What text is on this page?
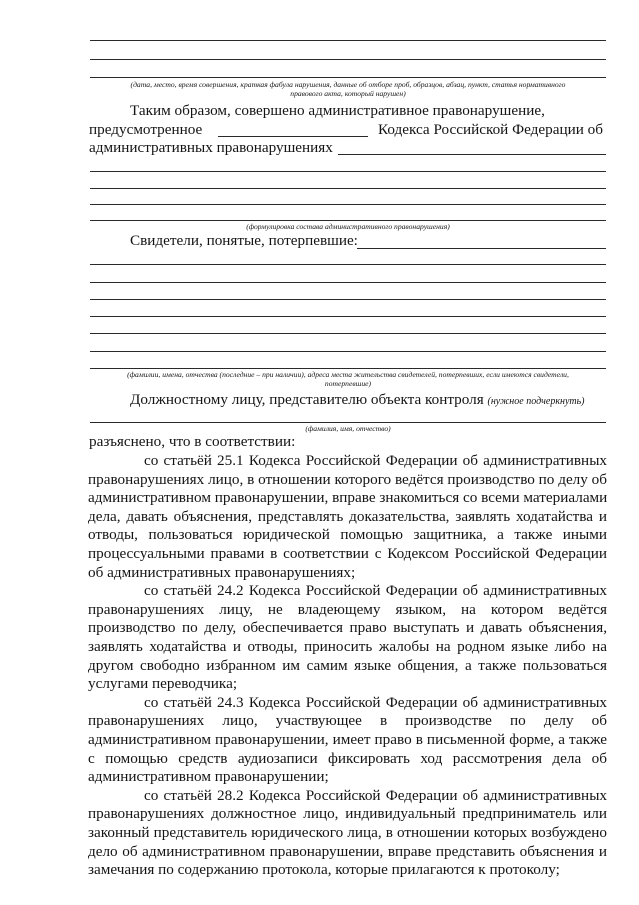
(дата, место, время совершения, краткая фабула нарушения, данные об отборе проб, образцов, абзац, пункт, статья нормативного
правового акта, который нарушен)
Таким образом, совершено административное правонарушение,
предусмотренное	Кодекса Российской Федерации об
административных правонарушениях
(формулировка состава административного правонарушения)
Свидетели, понятые, потерпевшие:
(фамилии, имена, отчества (последние – при наличии), адреса места жительства свидетелей, потерпевших, если имеются свидетели,
потерпевшие)
Должностному лицу, представителю объекта контроля (нужное подчеркнуть)
(фамилия, имя, отчество)
разъяснено, что в соответствии:
со статьёй 25.1 Кодекса Российской Федерации об административных
правонарушениях лицо, в отношении которого ведётся производство по делу об
административном правонарушении, вправе знакомиться со всеми материалами
дела, давать объяснения, представлять доказательства, заявлять ходатайства и
отводы, пользоваться юридической помощью защитника, а также иными
процессуальными правами в соответствии с Кодексом Российской Федерации
об административных правонарушениях;
со статьёй 24.2 Кодекса Российской Федерации об административных
правонарушениях лицу, не владеющему языком, на котором ведётся
производство по делу, обеспечивается право выступать и давать объяснения,
заявлять ходатайства и отводы, приносить жалобы на родном языке либо на
другом свободно избранном им самим языке общения, а также пользоваться
услугами переводчика;
со статьёй 24.3 Кодекса Российской Федерации об административных
правонарушениях лицо, участвующее в производстве по делу об
административном правонарушении, имеет право в письменной форме, а также
с помощью средств аудиозаписи фиксировать ход рассмотрения дела об
административном правонарушении;
со статьёй 28.2 Кодекса Российской Федерации об административных
правонарушениях должностное лицо, индивидуальный предприниматель или
законный представитель юридического лица, в отношении которых возбуждено
дело об административном правонарушении, вправе представить объяснения и
замечания по содержанию протокола, которые прилагаются к протоколу;
